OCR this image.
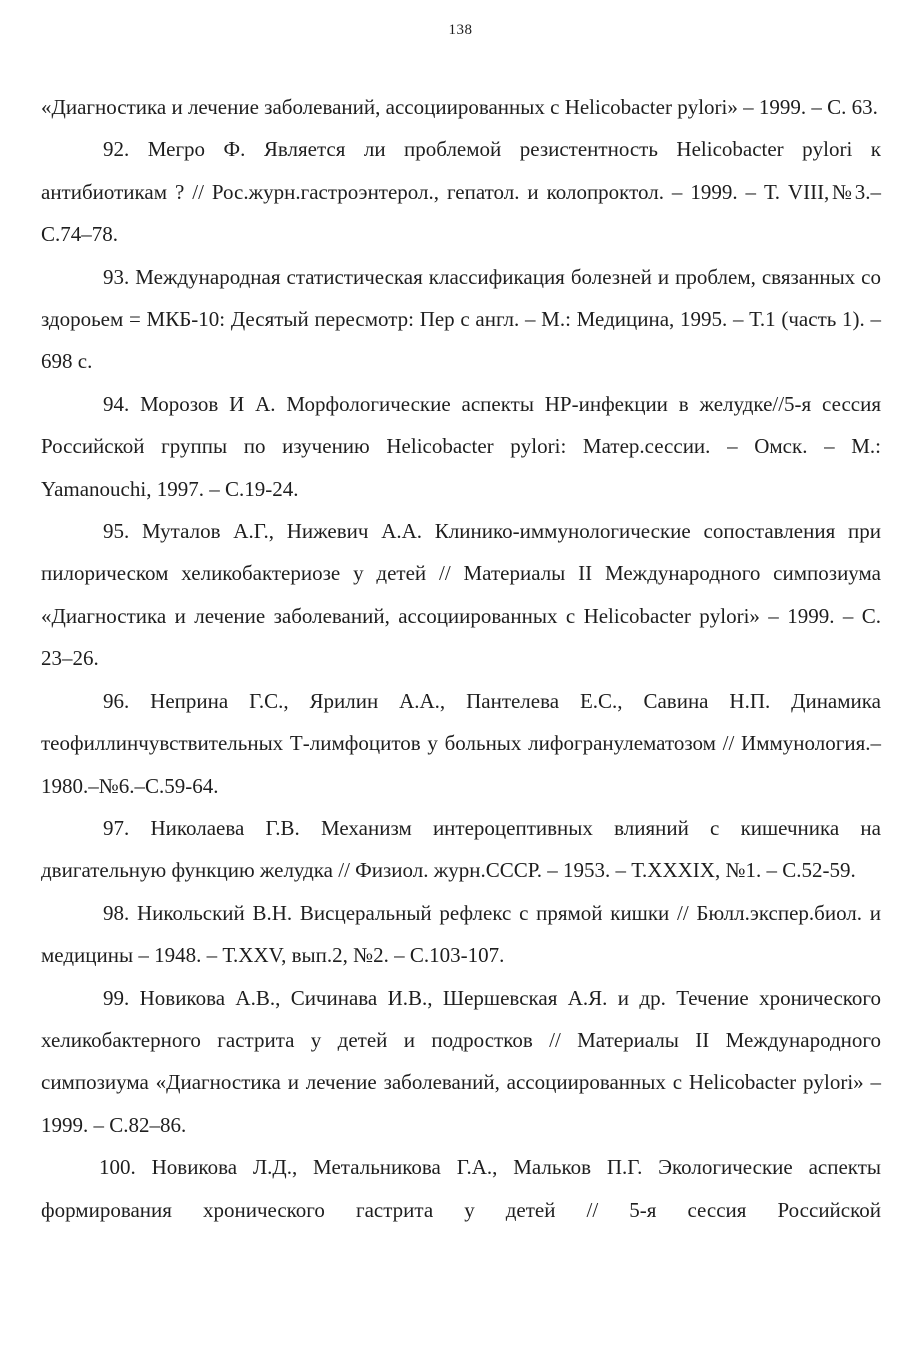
138

«Диагностика и лечение заболеваний, ассоциированных с Helicobacter pylori» – 1999. – С. 63.

92. Мегро Ф. Является ли проблемой резистентность Helicobacter pylori к антибиотикам ? // Рос.журн.гастроэнтерол., гепатол. и колопроктол. – 1999. – Т. VIII,№3.–С.74–78.

93. Международная статистическая классификация болезней и проблем, связанных со здороьем = МКБ-10: Десятый пересмотр: Пер с англ. – М.: Медицина, 1995. – Т.1 (часть 1). – 698 с.

94. Морозов И А. Морфологические аспекты HP-инфекции в желудке//5-я сессия Российской группы по изучению Helicobacter pylori: Матер.сессии. – Омск. – М.: Yamanouchi, 1997. – С.19-24.

95. Муталов А.Г., Нижевич А.А. Клинико-иммунологические сопоставления при пилорическом хеликобактериозе у детей // Материалы II Международного симпозиума «Диагностика и лечение заболеваний, ассоциированных с Helicobacter pylori» – 1999. – С. 23–26.

96. Неприна Г.С., Ярилин А.А., Пантелева Е.С., Савина Н.П. Динамика теофиллинчувствительных Т-лимфоцитов у больных лифогранулематозом // Иммунология.–1980.–№6.–С.59-64.

97. Николаева Г.В. Механизм интероцептивных влияний с кишечника на двигательную функцию желудка // Физиол. журн.СССР. – 1953. – Т.XXXIX, №1. – С.52-59.

98. Никольский В.Н. Висцеральный рефлекс с прямой кишки // Бюлл.экспер.биол. и медицины – 1948. – Т.XXV, вып.2, №2. – С.103-107.

99. Новикова А.В., Сичинава И.В., Шершевская А.Я. и др. Течение хронического хеликобактерного гастрита у детей и подростков // Материалы II Международного симпозиума «Диагностика и лечение заболеваний, ассоциированных с Helicobacter pylori» – 1999. – С.82–86.

100. Новикова Л.Д., Метальникова Г.А., Мальков П.Г. Экологические аспекты формирования хронического гастрита у детей // 5-я сессия Российской
